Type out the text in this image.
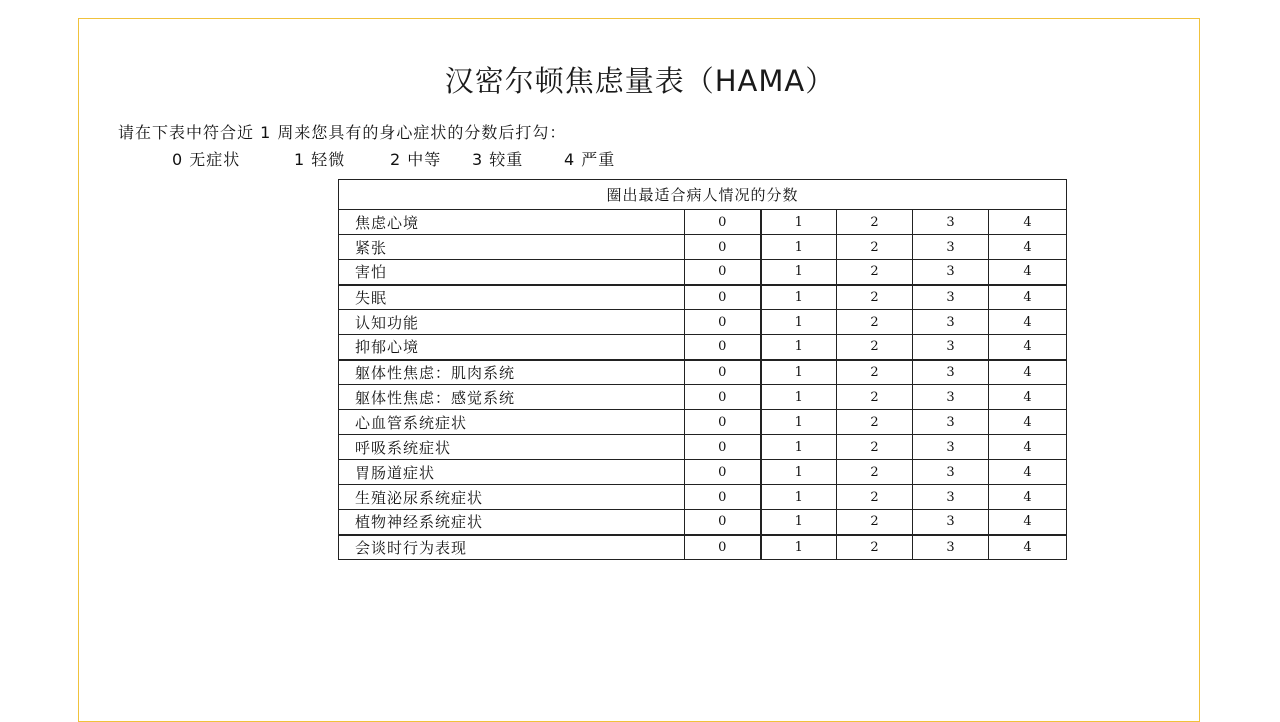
汉密尔顿焦虑量表（HAMA）
请在下表中符合近 1 周来您具有的身心症状的分数后打勾：
0 无症状	1 轻微	2 中等 3 较重	4 严重
圈出最适合病人情况的分数					
焦虑心境	0	1	2	3	4
紧张	0	1	2	3	4
害怕	0	1	2	3	4
失眠	0	1	2	3	4
认知功能	0	1	2	3	4
抑郁心境	0	1	2	3	4
躯体性焦虑：肌肉系统	0	1	2	3	4
躯体性焦虑：感觉系统	0	1	2	3	4
心血管系统症状	0	1	2	3	4
呼吸系统症状	0	1	2	3	4
胃肠道症状	0	1	2	3	4
生殖泌尿系统症状	0	1	2	3	4
植物神经系统症状	0	1	2	3	4
会谈时行为表现	0	1	2	3	4
